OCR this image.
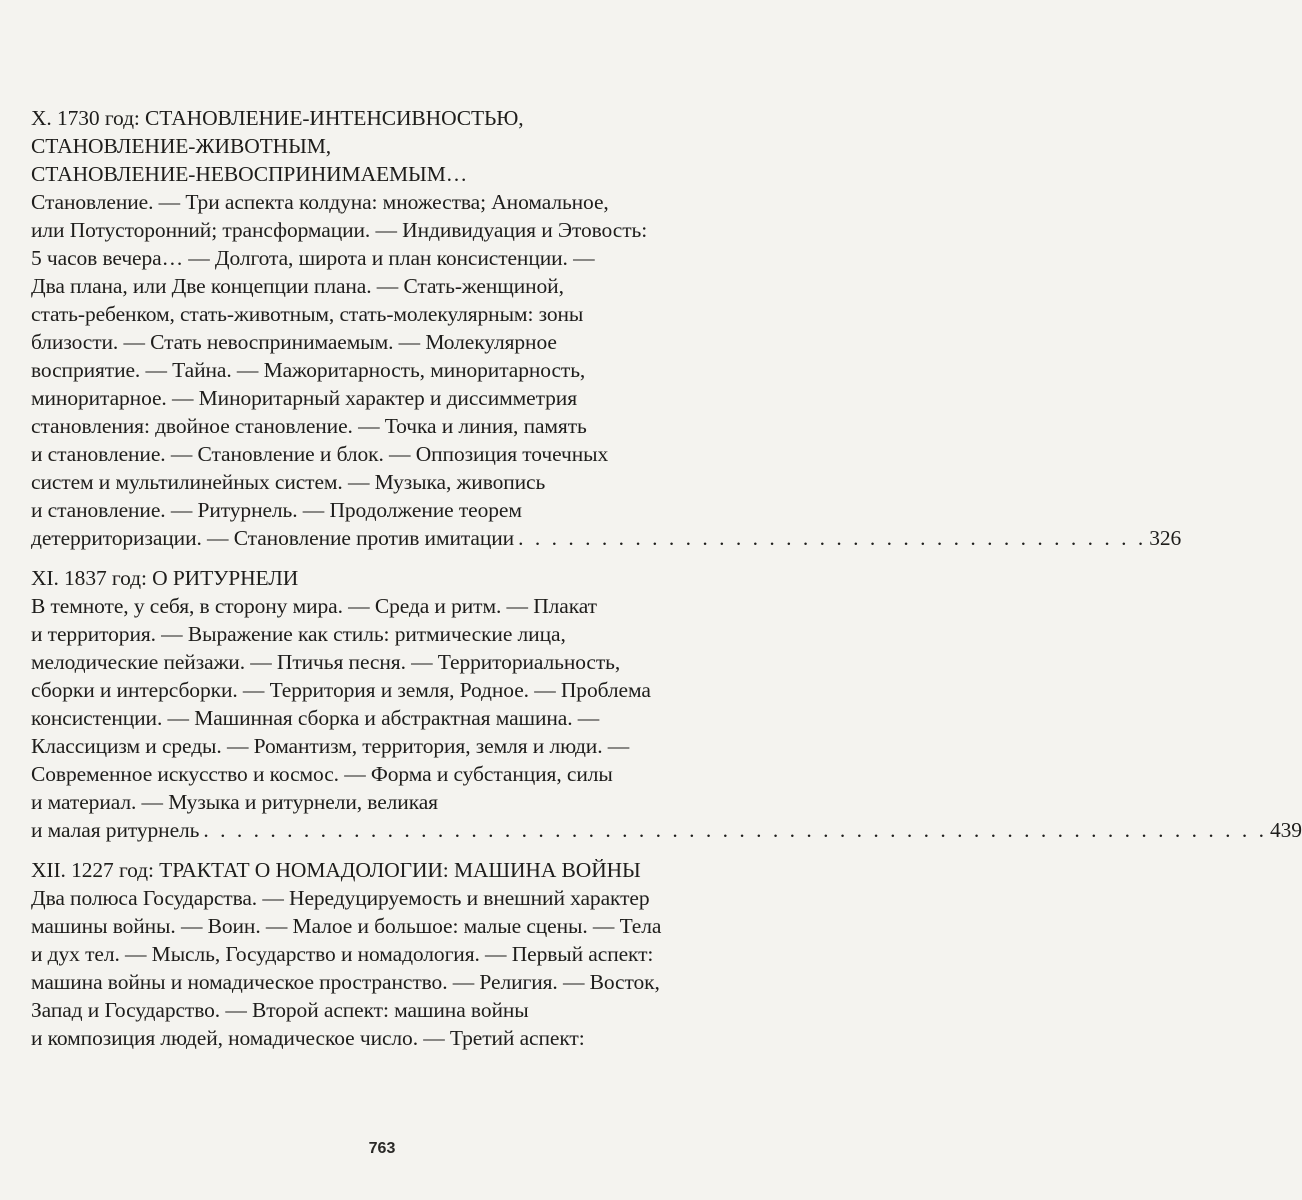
X. 1730 год: СТАНОВЛЕНИЕ-ИНТЕНСИВНОСТЬЮ,
СТАНОВЛЕНИЕ-ЖИВОТНЫМ,
СТАНОВЛЕНИЕ-НЕВОСПРИНИМАЕМЫМ…
Становление. — Три аспекта колдуна: множества; Аномальное,
или Потусторонний; трансформации. — Индивидуация и Этовость:
5 часов вечера… — Долгота, широта и план консистенции. —
Два плана, или Две концепции плана. — Стать-женщиной,
стать-ребенком, стать-животным, стать-молекулярным: зоны
близости. — Стать невоспринимаемым. — Молекулярное
восприятие. — Тайна. — Мажоритарность, миноритарность,
миноритарное. — Миноритарный характер и диссимметрия
становления: двойное становление. — Точка и линия, память
и становление. — Становление и блок. — Оппозиция точечных
систем и мультилинейных систем. — Музыка, живопись
и становление. — Ритурнель. — Продолжение теорем
детерриторизации. — Становление против имитации . . . . . . . . . . . . . . . . . . . . . . . . . . . . . . . . . . . . . . 326
XI. 1837 год: О РИТУРНЕЛИ
В темноте, у себя, в сторону мира. — Среда и ритм. — Плакат
и территория. — Выражение как стиль: ритмические лица,
мелодические пейзажи. — Птичья песня. — Территориальность,
сборки и интерсборки. — Территория и земля, Родное. — Проблема
консистенции. — Машинная сборка и абстрактная машина. —
Классицизм и среды. — Романтизм, территория, земля и люди. —
Современное искусство и космос. — Форма и субстанция, силы
и материал. — Музыка и ритурнели, великая
и малая ритурнель . . . . . . . . . . . . . . . . . . . . . . . . . . . . . . . . . . . . . . . . . . . . . . . . . . . . . . . . . . . . . . . . 439
XII. 1227 год: ТРАКТАТ О НОМАДОЛОГИИ: МАШИНА ВОЙНЫ
Два полюса Государства. — Нередуцируемость и внешний характер
машины войны. — Воин. — Малое и большое: малые сцены. — Тела
и дух тел. — Мысль, Государство и номадология. — Первый аспект:
машина войны и номадическое пространство. — Религия. — Восток,
Запад и Государство. — Второй аспект: машина войны
и композиция людей, номадическое число. — Третий аспект:
763
